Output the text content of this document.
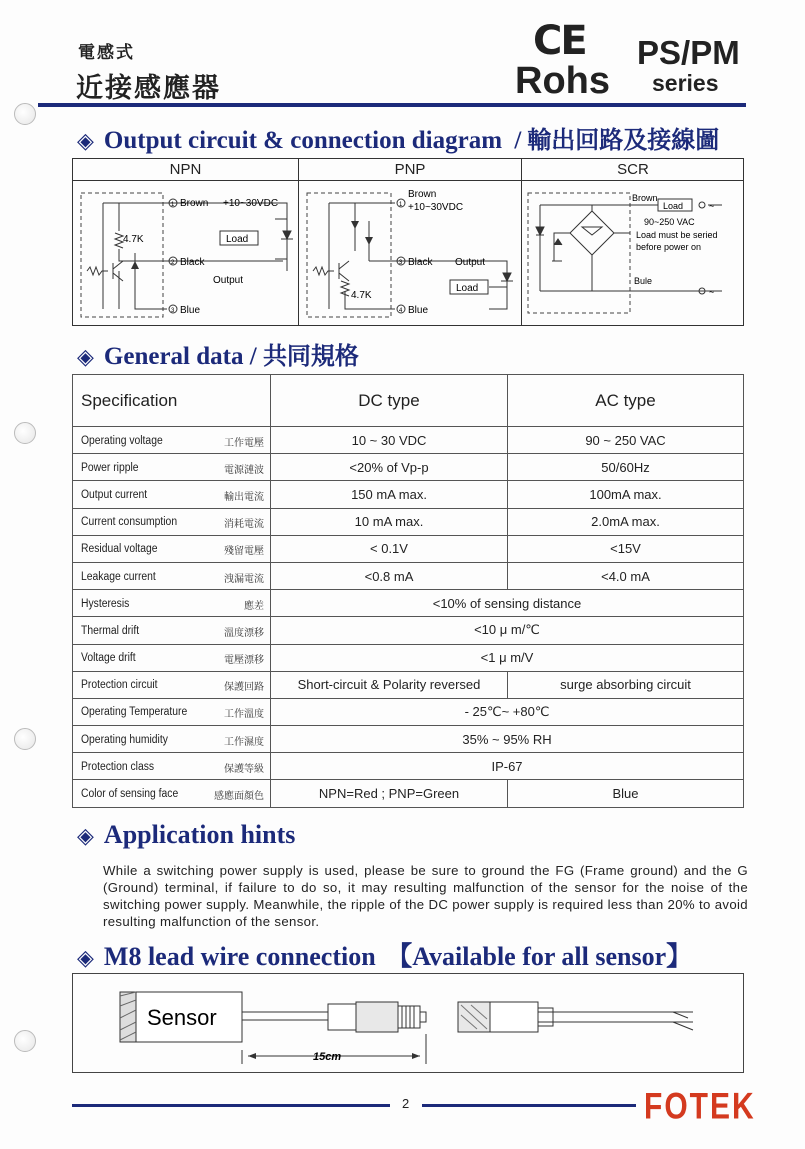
電感式
近接感應器
CE
Rohs
PS/PM
series
◈ Output circuit & connection diagram / 輸出回路及接線圖
NPN	PNP	SCR
1
2
3
Brown +10~30VDC
4.7K	Load
Black
Output
Blue
1
3
4
Brown
+10~30VDC
Black Output
Load
4.7K
Blue
Brown
Load	~
90~250 VAC
Load must be seried
before power on
Bule
~
◈ General data / 共同規格
Specification	DC type	AC type
Operating voltage 工作電壓	10 ~ 30 VDC	90 ~ 250 VAC
Power ripple 電源漣波	<20% of Vp-p	50/60Hz
Output current 輸出電流	150 mA max.	100mA max.
Current consumption 消耗電流	10 mA max.	2.0mA max.
Residual voltage 殘留電壓	< 0.1V	<15V
Leakage current 洩漏電流	<0.8 mA	<4.0 mA
Hysteresis 應差	<10% of sensing distance	
Thermal drift 溫度漂移	<10 μ m/℃	
Voltage drift 電壓漂移	<1 μ m/V	
Protection circuit 保護回路	Short-circuit & Polarity reversed	surge absorbing circuit
Operating Temperature 工作溫度	- 25℃~ +80℃	
Operating humidity 工作濕度	35% ~ 95% RH	
Protection class 保護等級	IP-67	
Color of sensing face 感應面顏色	NPN=Red ; PNP=Green	Blue
◈ Application hints
While a switching power supply is used, please be sure to ground the FG (Frame ground) and the G (Ground) terminal, if failure to do so, it may resulting malfunction of the sensor for the noise of the switching power supply. Meanwhile, the ripple of the DC power supply is required less than 20% to avoid resulting malfunction of the sensor.
◈ M8 lead wire connection 【Available for all sensor】
Sensor
15cm
2	FOTEK
